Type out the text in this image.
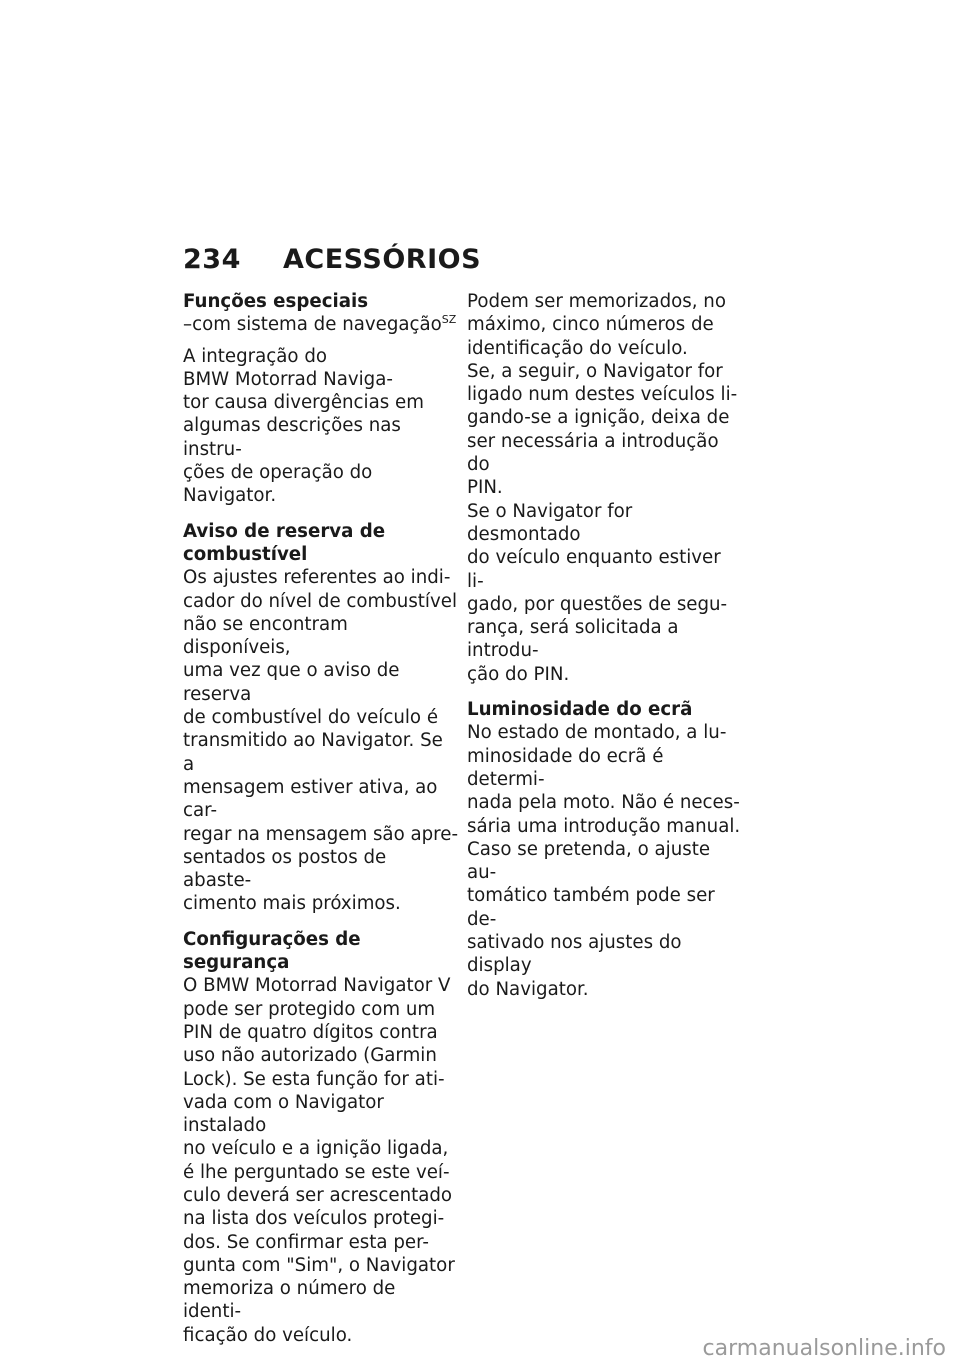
234	ACESSÓRIOS
Funções especiais
–com sistema de navegação$^{SZ}$
A integração do
BMW Motorrad Naviga-
tor causa divergências em
algumas descrições nas instru-
ções de operação do Navigator.
Aviso de reserva de
combustível
Os ajustes referentes ao indi-
cador do nível de combustível
não se encontram disponíveis,
uma vez que o aviso de reserva
de combustível do veículo é
transmitido ao Navigator. Se a
mensagem estiver ativa, ao car-
regar na mensagem são apre-
sentados os postos de abaste-
cimento mais próximos.
Configurações de segurança
O BMW Motorrad Navigator V
pode ser protegido com um
PIN de quatro dígitos contra
uso não autorizado (Garmin
Lock). Se esta função for ati-
vada com o Navigator instalado
no veículo e a ignição ligada,
é lhe perguntado se este veí-
culo deverá ser acrescentado
na lista dos veículos protegi-
dos. Se confirmar esta per-
gunta com "Sim", o Navigator
memoriza o número de identi-
ficação do veículo.
Podem ser memorizados, no
máximo, cinco números de
identificação do veículo.
Se, a seguir, o Navigator for
ligado num destes veículos li-
gando-se a ignição, deixa de
ser necessária a introdução do
PIN.
Se o Navigator for desmontado
do veículo enquanto estiver li-
gado, por questões de segu-
rança, será solicitada a introdu-
ção do PIN.
Luminosidade do ecrã
No estado de montado, a lu-
minosidade do ecrã é determi-
nada pela moto. Não é neces-
sária uma introdução manual.
Caso se pretenda, o ajuste au-
tomático também pode ser de-
sativado nos ajustes do display
do Navigator.
carmanualsonline.info
